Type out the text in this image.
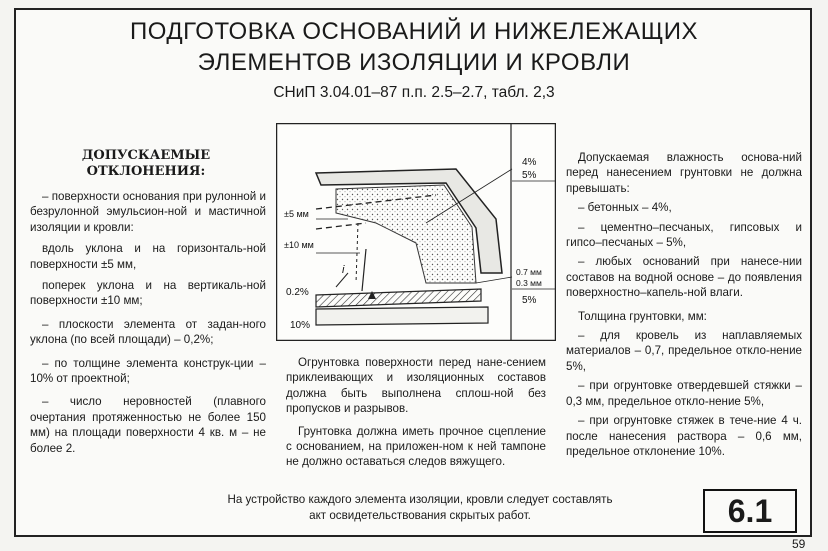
ПОДГОТОВКА ОСНОВАНИЙ И НИЖЕЛЕЖАЩИХ
ЭЛЕМЕНТОВ ИЗОЛЯЦИИ И КРОВЛИ
СНиП 3.04.01–87 п.п. 2.5–2.7, табл. 2,3
ДОПУСКАЕМЫЕ
ОТКЛОНЕНИЯ:

– поверхности основания при рулонной и безрулонной эмульсион-ной и мастичной изоляции и кровли:

вдоль уклона и на горизонталь-ной поверхности ±5 мм,

поперек уклона и на вертикаль-ной поверхности ±10 мм;

– плоскости элемента от задан-ного уклона (по всей площади) – 0,2%;

– по толщине элемента конструк-ции – 10% от проектной;

– число неровностей (плавного очертания протяженностью не более 150 мм) на площади поверхности 4 кв. м – не более 2.

±5 мм
±10 мм
0.2%
10%
i
4%
5%
0.7 мм
0.3 мм
5%

Огрунтовка поверхности перед нане-сением приклеивающих и изоляционных составов должна быть выполнена сплош-ной без пропусков и разрывов.

Грунтовка должна иметь прочное сцепление с основанием, на приложен-ном к ней тампоне не должно оставаться следов вяжущего.

Допускаемая влажность основа-ний перед нанесением грунтовки не должна превышать:

– бетонных – 4%,

– цементно–песчаных, гипсовых и гипсо–песчаных – 5%,

– любых оснований при нанесе-нии составов на водной основе – до появления поверхностно–капель-ной влаги.

Толщина грунтовки, мм:

– для кровель из наплавляемых материалов – 0,7, предельное откло-нение 5%,

– при огрунтовке отвердевшей стяжки – 0,3 мм, предельное откло-нение 5%,

– при огрунтовке стяжек в тече-ние 4 ч. после нанесения раствора – 0,6 мм, предельное отклонение 10%.

На устройство каждого элемента изоляции, кровли следует составлять
акт освидетельствования скрытых работ.	6.1
59
